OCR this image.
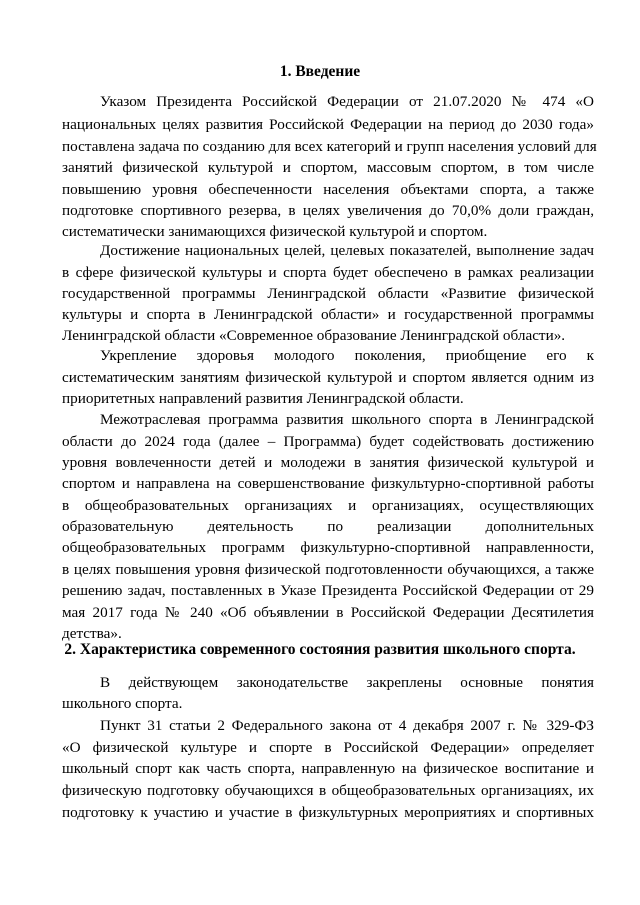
1. Введение
Указом Президента Российской Федерации от 21.07.2020 № 474 «О
национальных целях развития Российской Федерации на период до 2030 года»
поставлена задача по созданию для всех категорий и групп населения условий для
занятий физической культурой и спортом, массовым спортом, в том числе
повышению уровня обеспеченности населения объектами спорта, а также
подготовке спортивного резерва, в целях увеличения до 70,0% доли граждан,
систематически занимающихся физической культурой и спортом.
Достижение национальных целей, целевых показателей, выполнение задач
в сфере физической культуры и спорта будет обеспечено в рамках реализации
государственной программы Ленинградской области «Развитие физической
культуры и спорта в Ленинградской области» и государственной программы
Ленинградской области «Современное образование Ленинградской области».
Укрепление здоровья молодого поколения, приобщение его к
систематическим занятиям физической культурой и спортом является одним из
приоритетных направлений развития Ленинградской области.
Межотраслевая программа развития школьного спорта в Ленинградской
области до 2024 года (далее – Программа) будет содействовать достижению
уровня вовлеченности детей и молодежи в занятия физической культурой и
спортом и направлена на совершенствование физкультурно-спортивной работы
в общеобразовательных организациях и организациях, осуществляющих
образовательную деятельность по реализации дополнительных
общеобразовательных программ физкультурно-спортивной направленности,
в целях повышения уровня физической подготовленности обучающихся, а также
решению задач, поставленных в Указе Президента Российской Федерации от 29
мая 2017 года № 240 «Об объявлении в Российской Федерации Десятилетия
детства».
2. Характеристика современного состояния развития школьного спорта.
В действующем законодательстве закреплены основные понятия
школьного спорта.
Пункт 31 статьи 2 Федерального закона от 4 декабря 2007 г. № 329-ФЗ
«О физической культуре и спорте в Российской Федерации» определяет
школьный спорт как часть спорта, направленную на физическое воспитание и
физическую подготовку обучающихся в общеобразовательных организациях, их
подготовку к участию и участие в физкультурных мероприятиях и спортивных
